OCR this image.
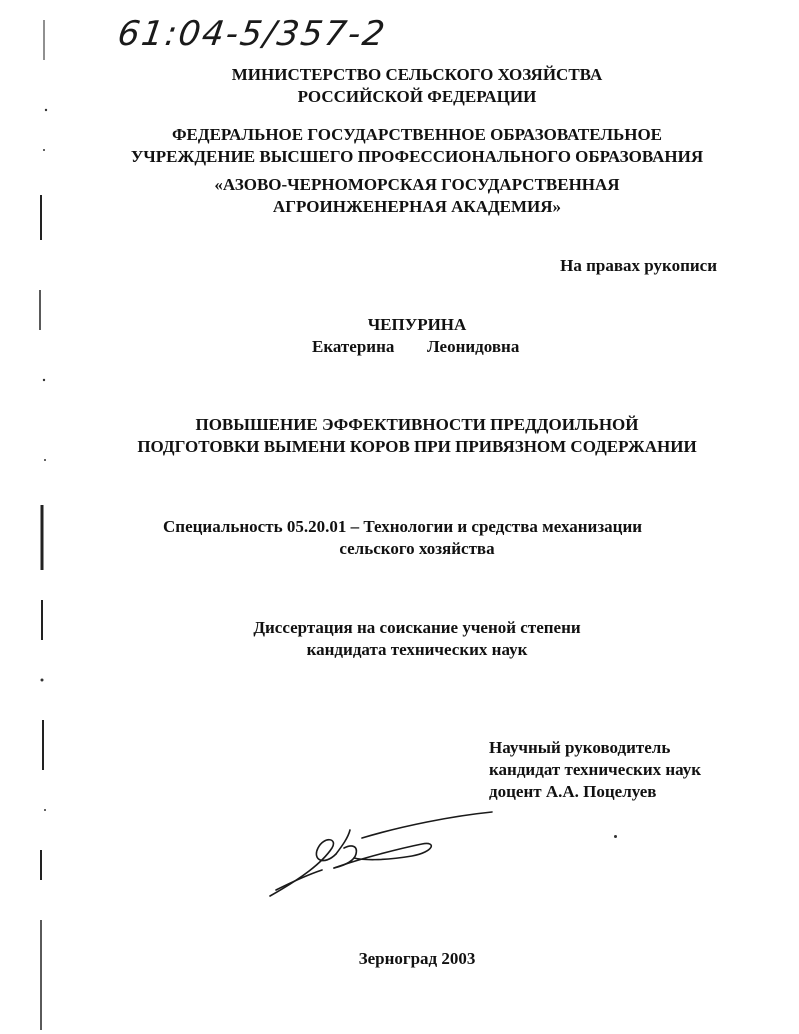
61:04-5/357-2
МИНИСТЕРСТВО СЕЛЬСКОГО ХОЗЯЙСТВА
РОССИЙСКОЙ ФЕДЕРАЦИИ
ФЕДЕРАЛЬНОЕ ГОСУДАРСТВЕННОЕ ОБРАЗОВАТЕЛЬНОЕ
УЧРЕЖДЕНИЕ ВЫСШЕГО ПРОФЕССИОНАЛЬНОГО ОБРАЗОВАНИЯ
«АЗОВО-ЧЕРНОМОРСКАЯ ГОСУДАРСТВЕННАЯ
АГРОИНЖЕНЕРНАЯ АКАДЕМИЯ»
На правах рукописи
ЧЕПУРИНА
Екатерина Леонидовна
ПОВЫШЕНИЕ ЭФФЕКТИВНОСТИ ПРЕДДОИЛЬНОЙ
ПОДГОТОВКИ ВЫМЕНИ КОРОВ ПРИ ПРИВЯЗНОМ СОДЕРЖАНИИ
Специальность 05.20.01 – Технологии и средства механизации
сельского хозяйства
Диссертация на соискание ученой степени
кандидата технических наук
Научный руководитель
кандидат технических наук
доцент А.А. Поцелуев
Зерноград 2003
